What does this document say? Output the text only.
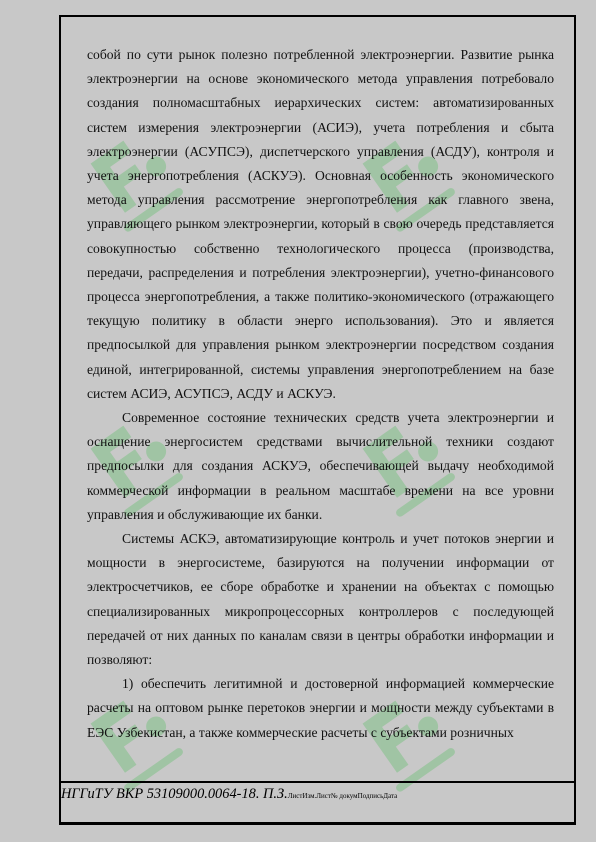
собой по сути рынок полезно потребленной электроэнергии. Развитие рынка электроэнергии на основе экономического метода управления потребовало создания полномасштабных иерархических систем: автоматизированных систем измерения электроэнергии (АСИЭ), учета потребления и сбыта электроэнергии (АСУПСЭ), диспетчерского управления (АСДУ), контроля и учета энергопотребления (АСКУЭ). Основная особенность экономического метода управления рассмотрение энергопотребления как главного звена, управляющего рынком электроэнергии, который в свою очередь представляется совокупностью собственно технологического процесса (производства, передачи, распределения и потребления электроэнергии), учетно-финансового процесса энергопотребления, а также политико-экономического (отражающего текущую политику в области энерго использования). Это и является предпосылкой для управления рынком электроэнергии посредством создания единой, интегрированной, системы управления энергопотреблением на базе систем АСИЭ, АСУПСЭ, АСДУ и АСКУЭ.

Современное состояние технических средств учета электроэнергии и оснащение энергосистем средствами вычислительной техники создают предпосылки для создания АСКУЭ, обеспечивающей выдачу необходимой коммерческой информации в реальном масштабе времени на все уровни управления и обслуживающие их банки.

Системы АСКЭ, автоматизирующие контроль и учет потоков энергии и мощности в энергосистеме, базируются на получении информации от электросчетчиков, ее сборе обработке и хранении на объектах с помощью специализированных микропроцессорных контроллеров с последующей передачей от них данных по каналам связи в центры обработки информации и позволяют:

1) обеспечить легитимной и достоверной информацией коммерческие расчеты на оптовом рынке перетоков энергии и мощности между субъектами в ЕЭС Узбекистан, а также коммерческие расчеты с субъектами розничных

НГГиТУ ВКР 53109000.0064-18. П.З.ЛистИзм.Лист№ докумПодписьДата
